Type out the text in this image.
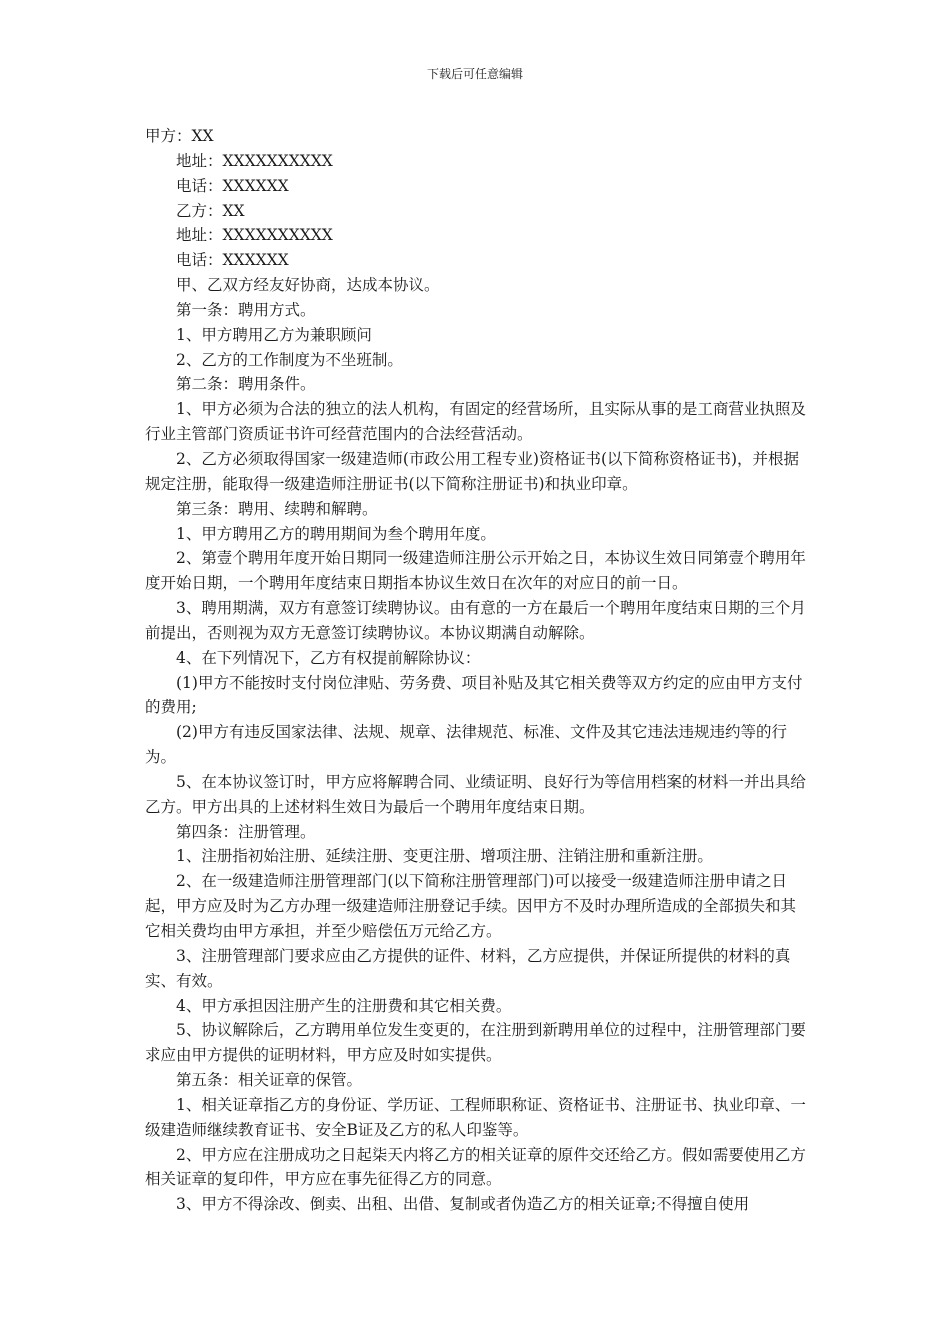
下载后可任意编辑

甲方：XX

地址：XXXXXXXXXX

电话：XXXXXX

乙方：XX

地址：XXXXXXXXXX

电话：XXXXXX

甲、乙双方经友好协商，达成本协议。

第一条：聘用方式。

1、甲方聘用乙方为兼职顾问

2、乙方的工作制度为不坐班制。

第二条：聘用条件。

1、甲方必须为合法的独立的法人机构，有固定的经营场所，且实际从事的是工商营业执照及行业主管部门资质证书许可经营范围内的合法经营活动。

2、乙方必须取得国家一级建造师(市政公用工程专业)资格证书(以下简称资格证书)，并根据规定注册，能取得一级建造师注册证书(以下简称注册证书)和执业印章。

第三条：聘用、续聘和解聘。

1、甲方聘用乙方的聘用期间为叁个聘用年度。

2、第壹个聘用年度开始日期同一级建造师注册公示开始之日，本协议生效日同第壹个聘用年度开始日期，一个聘用年度结束日期指本协议生效日在次年的对应日的前一日。

3、聘用期满，双方有意签订续聘协议。由有意的一方在最后一个聘用年度结束日期的三个月前提出，否则视为双方无意签订续聘协议。本协议期满自动解除。

4、在下列情况下，乙方有权提前解除协议：

(1)甲方不能按时支付岗位津贴、劳务费、项目补贴及其它相关费等双方约定的应由甲方支付的费用;

(2)甲方有违反国家法律、法规、规章、法律规范、标准、文件及其它违法违规违约等的行为。

5、在本协议签订时，甲方应将解聘合同、业绩证明、良好行为等信用档案的材料一并出具给乙方。甲方出具的上述材料生效日为最后一个聘用年度结束日期。

第四条：注册管理。

1、注册指初始注册、延续注册、变更注册、增项注册、注销注册和重新注册。

2、在一级建造师注册管理部门(以下简称注册管理部门)可以接受一级建造师注册申请之日起，甲方应及时为乙方办理一级建造师注册登记手续。因甲方不及时办理所造成的全部损失和其它相关费均由甲方承担，并至少赔偿伍万元给乙方。

3、注册管理部门要求应由乙方提供的证件、材料，乙方应提供，并保证所提供的材料的真实、有效。

4、甲方承担因注册产生的注册费和其它相关费。

5、协议解除后，乙方聘用单位发生变更的，在注册到新聘用单位的过程中，注册管理部门要求应由甲方提供的证明材料，甲方应及时如实提供。

第五条：相关证章的保管。

1、相关证章指乙方的身份证、学历证、工程师职称证、资格证书、注册证书、执业印章、一级建造师继续教育证书、安全B证及乙方的私人印鉴等。

2、甲方应在注册成功之日起柒天内将乙方的相关证章的原件交还给乙方。假如需要使用乙方相关证章的复印件，甲方应在事先征得乙方的同意。

3、甲方不得涂改、倒卖、出租、出借、复制或者伪造乙方的相关证章;不得擅自使用
